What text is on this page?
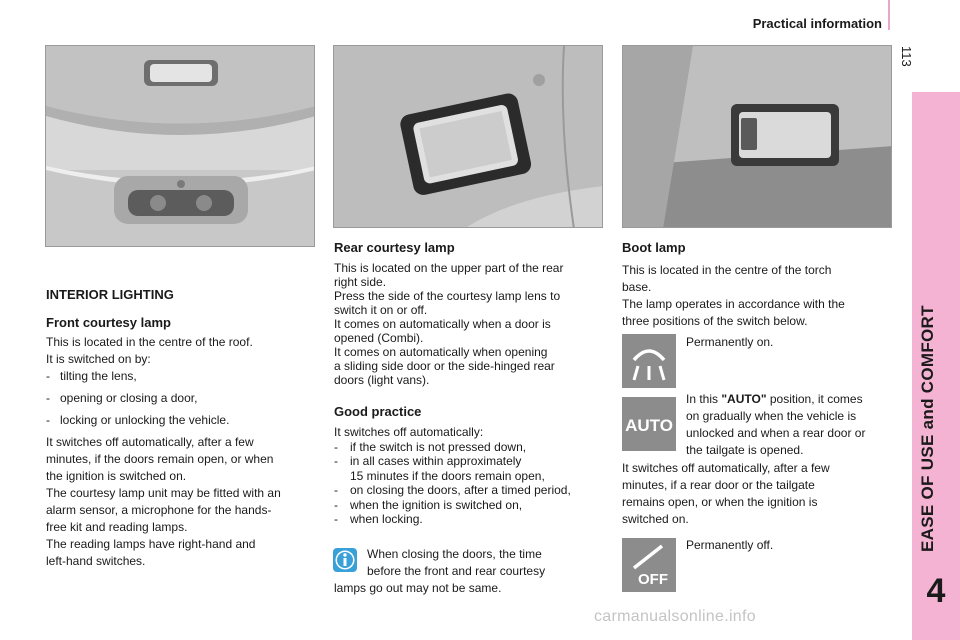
Practical information
113
EASE OF USE and COMFORT
4
INTERIOR LIGHTING
Front courtesy lamp
This is located in the centre of the roof.
It is switched on by:
- tilting the lens,
- opening or closing a door,
- locking or unlocking the vehicle.
It switches off automatically, after a few
minutes, if the doors remain open, or when
the ignition is switched on.
The courtesy lamp unit may be fitted with an
alarm sensor, a microphone for the hands-
free kit and reading lamps.
The reading lamps have right-hand and
left-hand switches.
Rear courtesy lamp
This is located on the upper part of the rear
right side.
Press the side of the courtesy lamp lens to
switch it on or off.
It comes on automatically when a door is
opened (Combi).
It comes on automatically when opening
a sliding side door or the side-hinged rear
doors (light vans).
Good practice
It switches off automatically:
-	if the switch is not pressed down,
-	in all cases within approximately
15 minutes if the doors remain open,
-	on closing the doors, after a timed period,
-	when the ignition is switched on,
-	when locking.
When closing the doors, the time
before the front and rear courtesy
lamps go out may not be same.
Boot lamp
This is located in the centre of the torch
base.
The lamp operates in accordance with the
three positions of the switch below.
AUTO
OFF
Permanently on.
In this "AUTO" position, it comes
on gradually when the vehicle is
unlocked and when a rear door or
the tailgate is opened.
It switches off automatically, after a few
minutes, if a rear door or the tailgate
remains open, or when the ignition is
switched on.
Permanently off.
carmanualsonline.info
